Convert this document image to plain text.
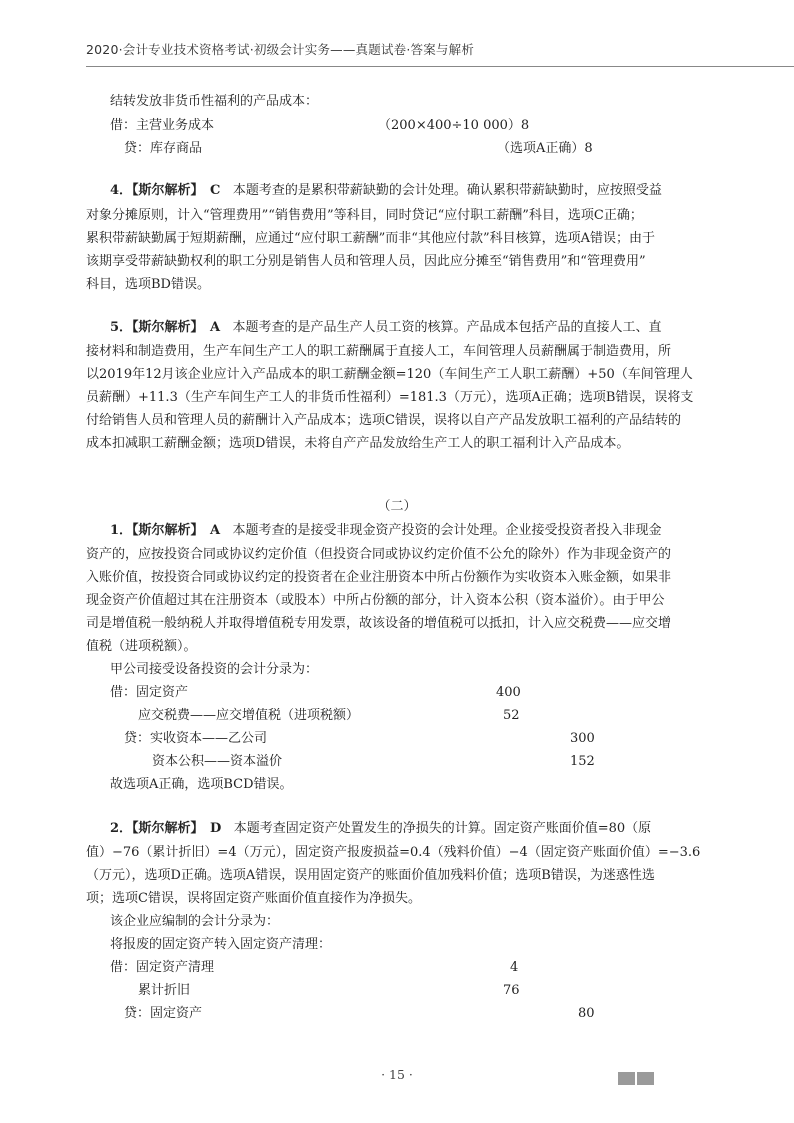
2020·会计专业技术资格考试·初级会计实务——真题试卷·答案与解析
结转发放非货币性福利的产品成本：
借：主营业务成本	（200×400÷10 000）8
贷：库存商品	（选项A正确）8
4．【斯尔解析】　C 本题考查的是累积带薪缺勤的会计处理。确认累积带薪缺勤时，应按照受益
对象分摊原则，计入“管理费用”“销售费用”等科目，同时贷记“应付职工薪酬”科目，选项C正确；
累积带薪缺勤属于短期薪酬，应通过“应付职工薪酬”而非“其他应付款”科目核算，选项A错误；由于
该期享受带薪缺勤权利的职工分别是销售人员和管理人员，因此应分摊至“销售费用”和“管理费用”
科目，选项BD错误。
5．【斯尔解析】　A 本题考查的是产品生产人员工资的核算。产品成本包括产品的直接人工、直
接材料和制造费用，生产车间生产工人的职工薪酬属于直接人工，车间管理人员薪酬属于制造费用，所
以2019年12月该企业应计入产品成本的职工薪酬金额=120（车间生产工人职工薪酬）+50（车间管理人
员薪酬）+11.3（生产车间生产工人的非货币性福利）=181.3（万元），选项A正确；选项B错误，误将支
付给销售人员和管理人员的薪酬计入产品成本；选项C错误，误将以自产产品发放职工福利的产品结转的
成本扣减职工薪酬金额；选项D错误，未将自产产品发放给生产工人的职工福利计入产品成本。
（二）
1．【斯尔解析】　A 本题考查的是接受非现金资产投资的会计处理。企业接受投资者投入非现金
资产的，应按投资合同或协议约定价值（但投资合同或协议约定价值不公允的除外）作为非现金资产的
入账价值，按投资合同或协议约定的投资者在企业注册资本中所占份额作为实收资本入账金额，如果非
现金资产价值超过其在注册资本（或股本）中所占份额的部分，计入资本公积（资本溢价）。由于甲公
司是增值税一般纳税人并取得增值税专用发票，故该设备的增值税可以抵扣，计入应交税费——应交增
值税（进项税额）。
甲公司接受设备投资的会计分录为：
借：固定资产	400
应交税费——应交增值税（进项税额）	52
贷：实收资本——乙公司	300
资本公积——资本溢价	152
故选项A正确，选项BCD错误。
2．【斯尔解析】　D 本题考查固定资产处置发生的净损失的计算。固定资产账面价值=80（原
值）−76（累计折旧）=4（万元），固定资产报废损益=0.4（残料价值）−4（固定资产账面价值）=−3.6
（万元），选项D正确。选项A错误，误用固定资产的账面价值加残料价值；选项B错误，为迷惑性选
项；选项C错误，误将固定资产账面价值直接作为净损失。
该企业应编制的会计分录为：
将报废的固定资产转入固定资产清理：
借：固定资产清理	4
累计折旧	76
贷：固定资产	80
· 15 ·
